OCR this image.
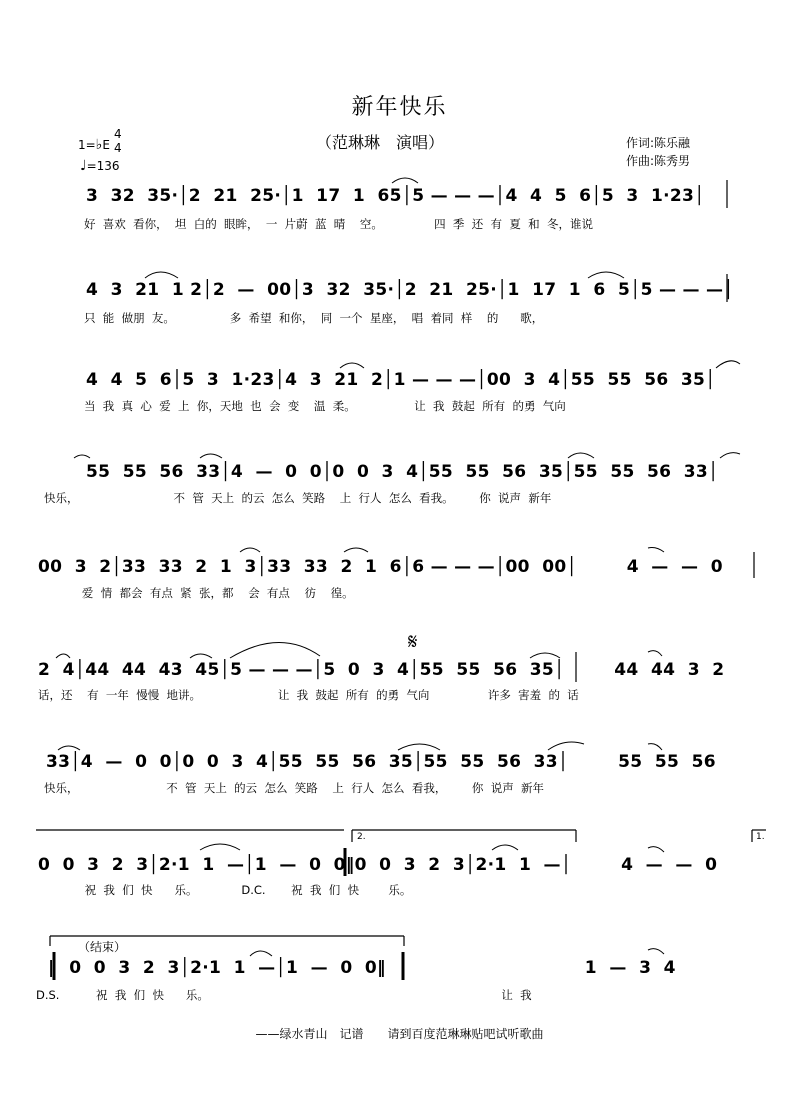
新年快乐
（范琳琳　演唱）
1=♭E
4
4
♩=136
作词:陈乐融
作曲:陈秀男
3  32  35·│2  21  25·│1  17  1  65│5 — — —│4  4  5  6│5  3  1·23│
好  喜欢  看你，  坦  白的  眼眸，  一  片蔚  蓝  晴    空。              四  季  还  有  夏  和  冬，谁说
4  3  21  1 2│2  —  00│3  32  35·│2  21  25·│1  17  1  6  5│5 — — —│
只  能  做朋  友。               多  希望  和你，  同  一个  星座，  唱  着同  样    的      歌，
4  4  5  6│5  3  1·23│4  3  21  2│1 — — —│00  3  4│55  55  56  35│
当  我  真  心  爱  上  你，天地  也  会  变    温  柔。                让  我  鼓起  所有  的勇  气向
55  55  56  33│4  —  0  0│0  0  3  4│55  55  56  35│55  55  56  33│
快乐，                          不  管  天上  的云  怎么  笑路    上  行人  怎么  看我。       你  说声  新年
00  3  2│33  33  2  1  3│33  33  2  1  6│6 — — —│00  00│        4  —  —  0
爱  情  都会  有点  紧  张，都    会  有点    彷    徨。
2  4│44  44  43  45│5 — — —│5  0  3  4│55  55  56  35│        44  44  3  2
话，还    有  一年  慢慢  地讲。                     让  我  鼓起  所有  的勇  气向                许多  害羞  的  话
33│4  —  0  0│0  0  3  4│55  55  56  35│55  55  56  33│        55  55  56
快乐，                        不  管  天上  的云  怎么  笑路    上  行人  怎么  看我，       你  说声  新年
0  0  3  2  3│2·1  1  —│1  —  0  0‖0  0  3  2  3│2·1  1  —│        4  —  —  0
祝  我  们  快      乐。            D.C.       祝  我  们  快        乐。
‖  0  0  3  2  3│2·1  1  —│1  —  0  0‖                                1  —  3  4
D.S.          祝  我  们  快      乐。                                                                                让  我
（结束）
2.	1.
𝄋
——绿水青山　记谱　　请到百度范琳琳贴吧试听歌曲
